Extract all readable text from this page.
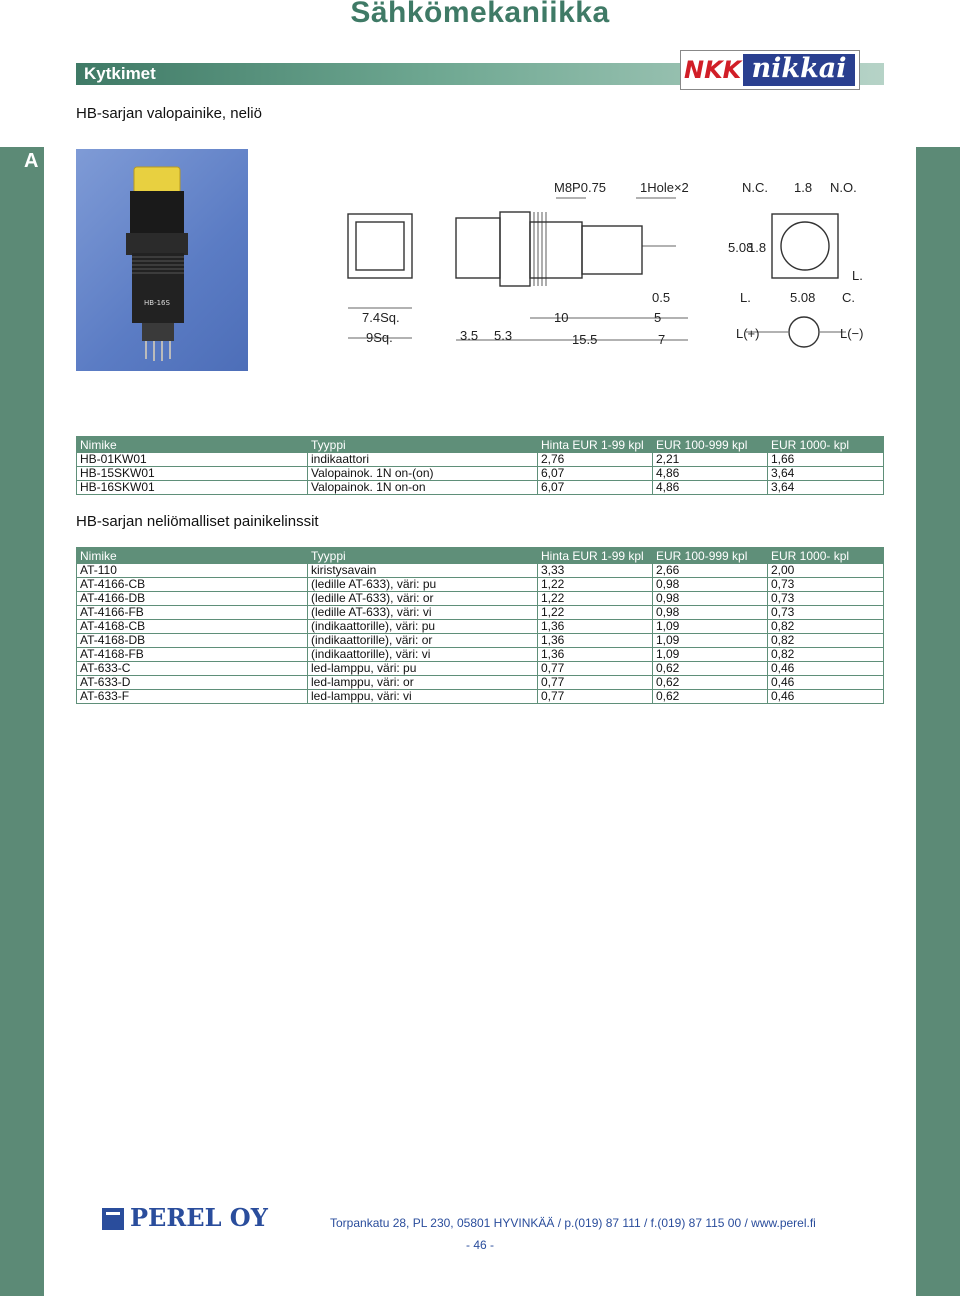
A
Sähkömekaniikka
Kytkimet	NKK nikkai
HB-sarjan valopainike, neliö
HB-16S
M8P0.75	1Hole×2	N.C. 1.8 N.O.
5.08
1.8
7.4Sq.
9Sq.
10
0.5
5
3.5 5.3	15.5	7
L.
L.	5.08 C.
L(+)	L(−)
Nimike	Tyyppi	Hinta EUR 1-99 kpl	EUR 100-999 kpl	EUR 1000- kpl
HB-01KW01	indikaattori	2,76	2,21	1,66
HB-15SKW01	Valopainok. 1N on-(on)	6,07	4,86	3,64
HB-16SKW01	Valopainok. 1N on-on	6,07	4,86	3,64
HB-sarjan neliömalliset painikelinssit
Nimike	Tyyppi	Hinta EUR 1-99 kpl	EUR 100-999 kpl	EUR 1000- kpl
AT-110	kiristysavain	3,33	2,66	2,00
AT-4166-CB	(ledille AT-633), väri: pu	1,22	0,98	0,73
AT-4166-DB	(ledille AT-633), väri: or	1,22	0,98	0,73
AT-4166-FB	(ledille AT-633), väri: vi	1,22	0,98	0,73
AT-4168-CB	(indikaattorille), väri: pu	1,36	1,09	0,82
AT-4168-DB	(indikaattorille), väri: or	1,36	1,09	0,82
AT-4168-FB	(indikaattorille), väri: vi	1,36	1,09	0,82
AT-633-C	led-lamppu, väri: pu	0,77	0,62	0,46
AT-633-D	led-lamppu, väri: or	0,77	0,62	0,46
AT-633-F	led-lamppu, väri: vi	0,77	0,62	0,46
PEREL OY	Torpankatu 28, PL 230, 05801 HYVINKÄÄ / p.(019) 87 111 / f.(019) 87 115 00 / www.perel.fi
- 46 -
